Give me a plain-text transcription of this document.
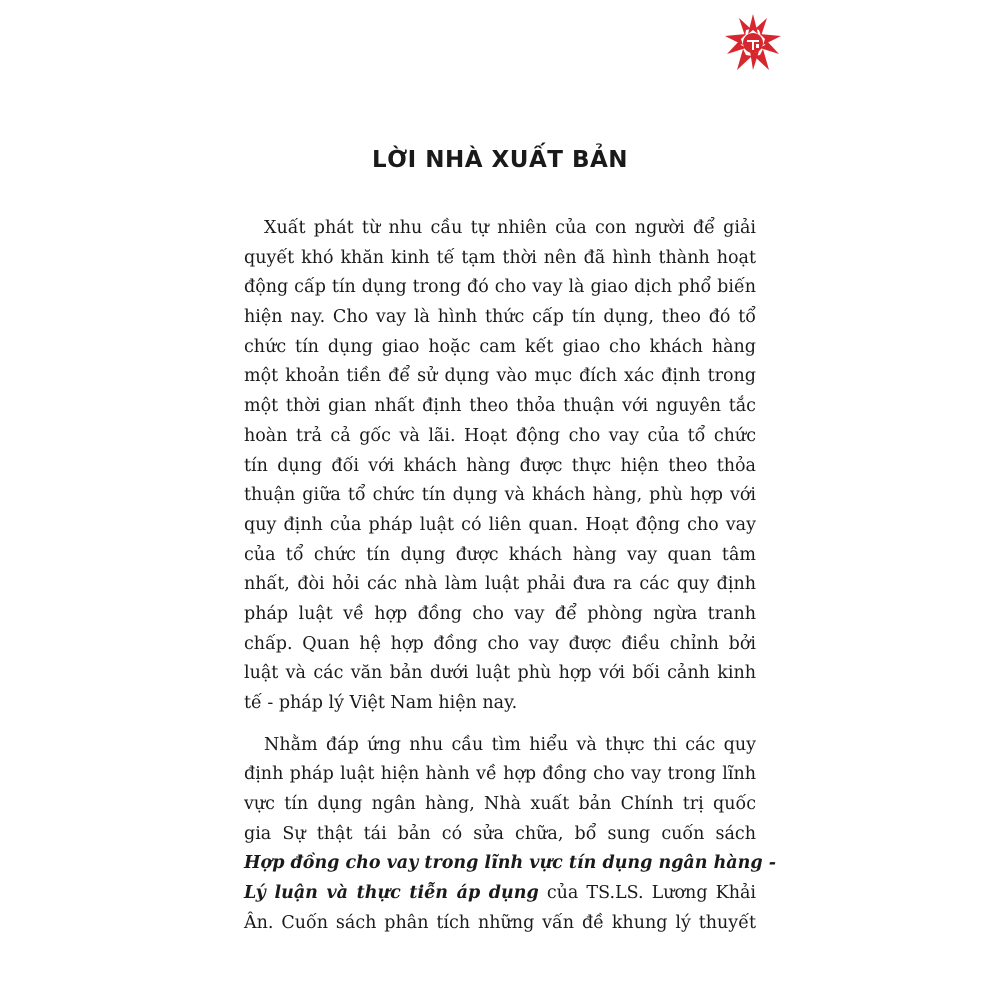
LỜI NHÀ XUẤT BẢN
Xuất phát từ nhu cầu tự nhiên của con người để giải
quyết khó khăn kinh tế tạm thời nên đã hình thành hoạt
động cấp tín dụng trong đó cho vay là giao dịch phổ biến
hiện nay. Cho vay là hình thức cấp tín dụng, theo đó tổ
chức tín dụng giao hoặc cam kết giao cho khách hàng
một khoản tiền để sử dụng vào mục đích xác định trong
một thời gian nhất định theo thỏa thuận với nguyên tắc
hoàn trả cả gốc và lãi. Hoạt động cho vay của tổ chức
tín dụng đối với khách hàng được thực hiện theo thỏa
thuận giữa tổ chức tín dụng và khách hàng, phù hợp với
quy định của pháp luật có liên quan. Hoạt động cho vay
của tổ chức tín dụng được khách hàng vay quan tâm
nhất, đòi hỏi các nhà làm luật phải đưa ra các quy định
pháp luật về hợp đồng cho vay để phòng ngừa tranh
chấp. Quan hệ hợp đồng cho vay được điều chỉnh bởi
luật và các văn bản dưới luật phù hợp với bối cảnh kinh
tế - pháp lý Việt Nam hiện nay.
Nhằm đáp ứng nhu cầu tìm hiểu và thực thi các quy
định pháp luật hiện hành về hợp đồng cho vay trong lĩnh
vực tín dụng ngân hàng, Nhà xuất bản Chính trị quốc
gia Sự thật tái bản có sửa chữa, bổ sung cuốn sách
Hợp đồng cho vay trong lĩnh vực tín dụng ngân hàng -
Lý luận và thực tiễn áp dụng của TS.LS. Lương Khải
Ân. Cuốn sách phân tích những vấn đề khung lý thuyết
